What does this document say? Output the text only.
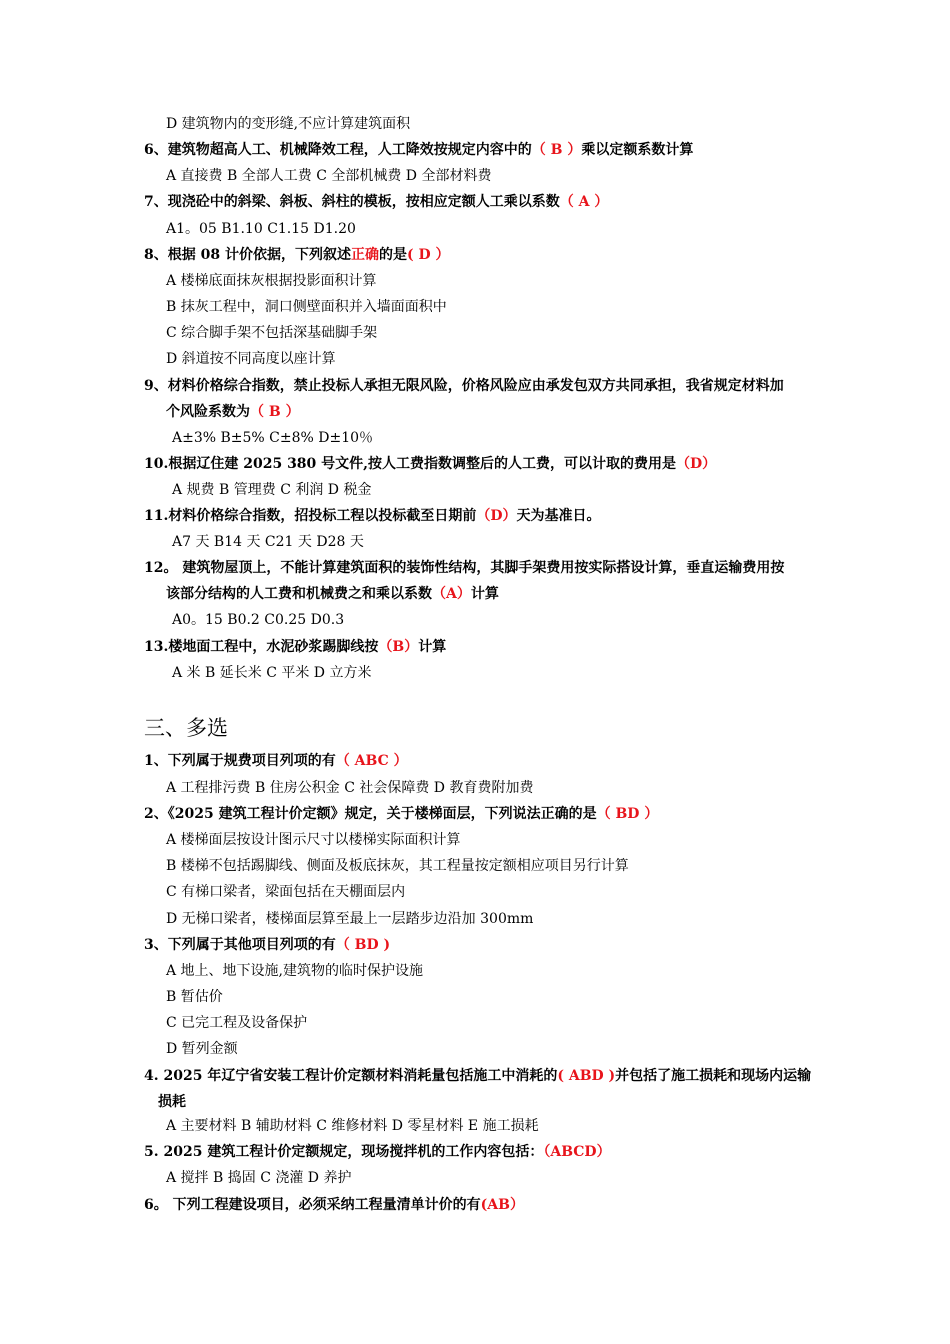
D 建筑物内的变形缝,不应计算建筑面积
6、建筑物超高人工、机械降效工程，人工降效按规定内容中的（ B ）乘以定额系数计算
A 直接费 B 全部人工费 C 全部机械费 D 全部材料费
7、现浇砼中的斜梁、斜板、斜柱的模板，按相应定额人工乘以系数（ A ）
A1。05 B1.10 C1.15 D1.20
8、根据 08 计价依据，下列叙述正确的是( D ）
A 楼梯底面抹灰根据投影面积计算
B 抹灰工程中，洞口侧壁面积并入墙面面积中
C 综合脚手架不包括深基础脚手架
D 斜道按不同高度以座计算
9、材料价格综合指数，禁止投标人承担无限风险，价格风险应由承发包双方共同承担，我省规定材料加
个风险系数为（ B ）
A±3% B±5% C±8% D±10％
10.根据辽住建 2025 380 号文件,按人工费指数调整后的人工费，可以计取的费用是（D）
A 规费 B 管理费 C 利润 D 税金
11.材料价格综合指数，招投标工程以投标截至日期前（D）天为基准日。
A7 天 B14 天 C21 天 D28 天
12。 建筑物屋顶上，不能计算建筑面积的装饰性结构，其脚手架费用按实际搭设计算，垂直运输费用按
该部分结构的人工费和机械费之和乘以系数（A）计算
A0。15 B0.2 C0.25 D0.3
13.楼地面工程中，水泥砂浆踢脚线按（B）计算
A 米 B 延长米 C 平米 D 立方米
三、多选
1、下列属于规费项目列项的有（ ABC ）
A 工程排污费 B 住房公积金 C 社会保障费 D 教育费附加费
2、《2025 建筑工程计价定额》规定，关于楼梯面层，下列说法正确的是（ BD ）
A 楼梯面层按设计图示尺寸以楼梯实际面积计算
B 楼梯不包括踢脚线、侧面及板底抹灰，其工程量按定额相应项目另行计算
C 有梯口梁者，梁面包括在天棚面层内
D 无梯口梁者，楼梯面层算至最上一层踏步边沿加 300mm
3、下列属于其他项目列项的有（ BD )
A 地上、地下设施,建筑物的临时保护设施
B 暂估价
C 已完工程及设备保护
D 暂列金额
4. 2025 年辽宁省安装工程计价定额材料消耗量包括施工中消耗的( ABD )并包括了施工损耗和现场内运输
损耗
A 主要材料 B 辅助材料 C 维修材料 D 零星材料 E 施工损耗
5. 2025 建筑工程计价定额规定，现场搅拌机的工作内容包括：（ABCD）
A 搅拌 B 捣固 C 浇灌 D 养护
6。 下列工程建设项目，必须采纳工程量清单计价的有(AB）
